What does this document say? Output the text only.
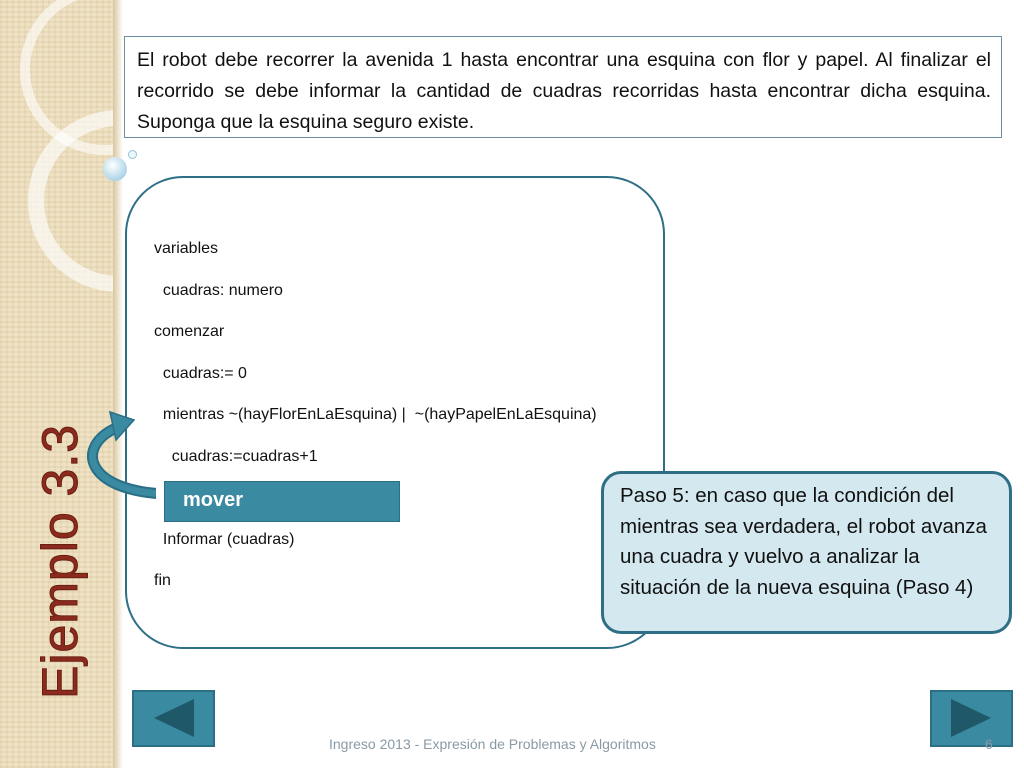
Ejemplo 3.3
El robot debe recorrer la avenida 1 hasta encontrar una esquina con flor y papel. Al finalizar el recorrido se debe informar la cantidad de cuadras recorridas hasta encontrar dicha esquina. Suponga que la esquina seguro existe.
variables
cuadras: numero
comenzar
cuadras:= 0
mientras ~(hayFlorEnLaEsquina) |  ~(hayPapelEnLaEsquina)
cuadras:=cuadras+1
mover
Informar (cuadras)
fin
Paso 5: en caso que la condición del mientras sea verdadera, el robot avanza una cuadra y vuelvo a analizar la situación de la nueva esquina (Paso 4)
Ingreso 2013 - Expresión de Problemas y Algoritmos	6
